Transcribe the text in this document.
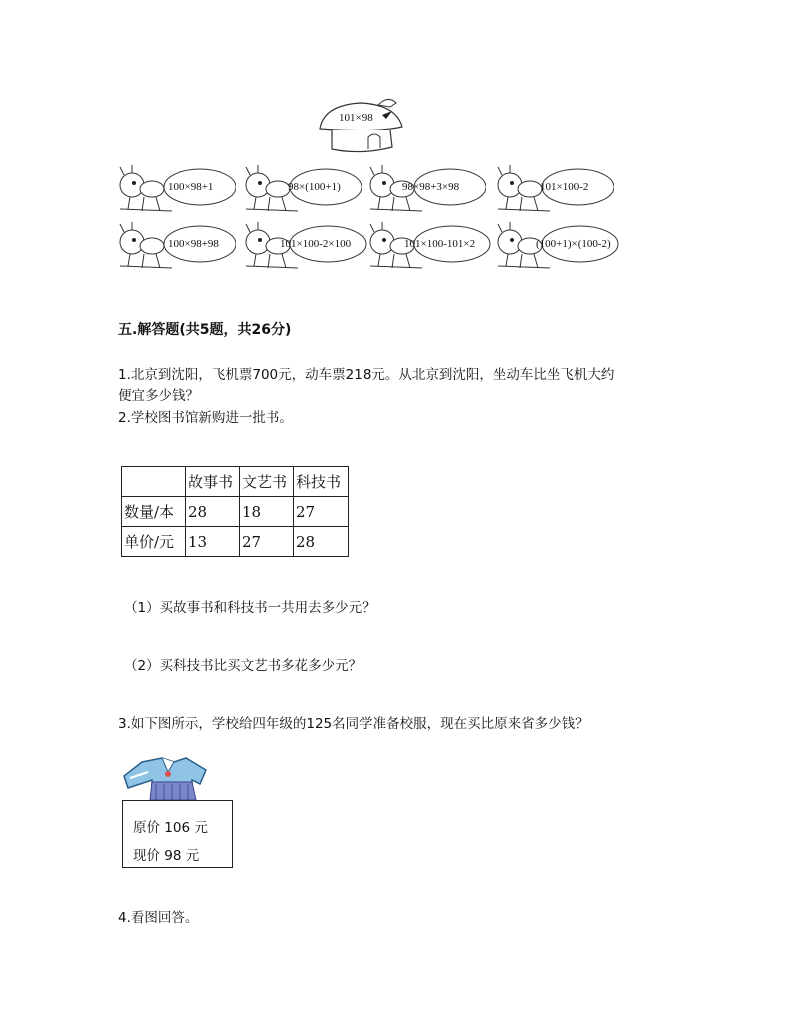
101×98
100×98+1	98×(100+1)	98×98+3×98	101×100-2
100×98+98	101×100-2×100	101×100-101×2	(100+1)×(100-2)
五.解答题(共5题，共26分)
1.北京到沈阳，飞机票700元，动车票218元。从北京到沈阳，坐动车比坐飞机大约
便宜多少钱？
2.学校图书馆新购进一批书。
	故事书	文艺书	科技书
数量/本	28	18	27
单价/元	13	27	28
（1）买故事书和科技书一共用去多少元？
（2）买科技书比买文艺书多花多少元？
3.如下图所示，学校给四年级的125名同学准备校服，现在买比原来省多少钱？
原价 106 元
现价 98 元
4.看图回答。
